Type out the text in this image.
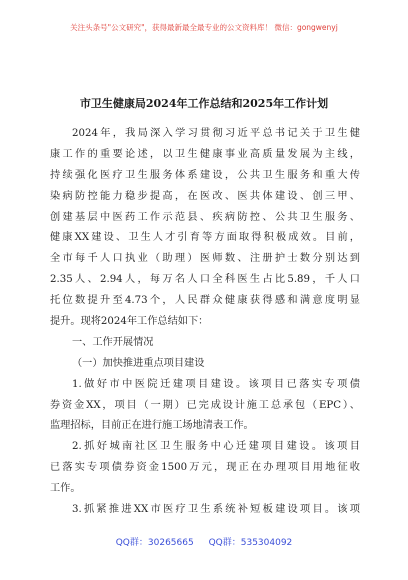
关注头条号"公文研究"，获得最新最全最专业的公文资料库！ 微信：gongwenyj
市卫生健康局2024年工作总结和2025年工作计划
2024年，我局深入学习贯彻习近平总书记关于卫生健
康工作的重要论述，以卫生健康事业高质量发展为主线，
持续强化医疗卫生服务体系建设，公共卫生服务和重大传
染病防控能力稳步提高，在医改、医共体建设、创三甲、
创建基层中医药工作示范县、疾病防控、公共卫生服务、
健康XX建设、卫生人才引育等方面取得积极成效。目前，
全市每千人口执业（助理）医师数、注册护士数分别达到
2.35人、2.94人，每万名人口全科医生占比5.89，千人口
托位数提升至4.73个，人民群众健康获得感和满意度明显
提升。现将2024年工作总结如下：
一、工作开展情况
（一）加快推进重点项目建设
1.做好市中医院迁建项目建设。该项目已落实专项债
券资金XX，项目（一期）已完成设计施工总承包（EPC）、
监理招标，目前正在进行施工场地清表工作。
2.抓好城南社区卫生服务中心迁建项目建设。该项目
已落实专项债券资金1500万元，现正在办理项目用地征收
工作。
3.抓紧推进XX市医疗卫生系统补短板建设项目。该项
QQ群：30265665 QQ群：535304092
